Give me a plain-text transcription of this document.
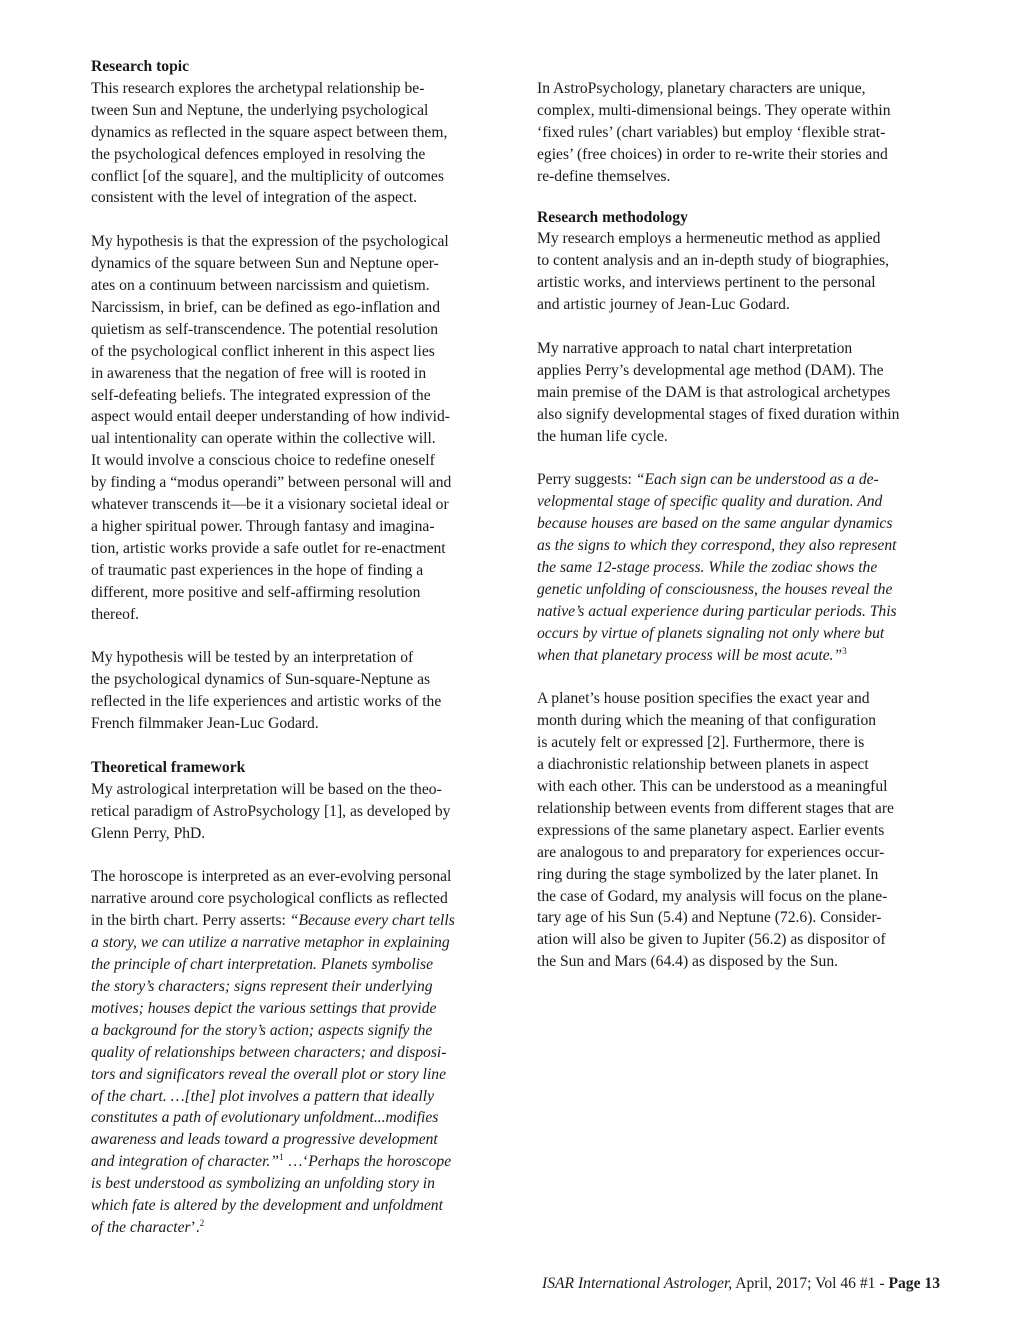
Research topic

This research explores the archetypal relationship be-

tween Sun and Neptune, the underlying psychological

dynamics as reflected in the square aspect between them,

the psychological defences employed in resolving the

conflict [of the square], and the multiplicity of outcomes

consistent with the level of integration of the aspect.

My hypothesis is that the expression of the psychological

dynamics of the square between Sun and Neptune oper-

ates on a continuum between narcissism and quietism.

Narcissism, in brief, can be defined as ego-inflation and

quietism as self-transcendence. The potential resolution

of the psychological conflict inherent in this aspect lies

in awareness that the negation of free will is rooted in

self-defeating beliefs. The integrated expression of the

aspect would entail deeper understanding of how individ-

ual intentionality can operate within the collective will.

It would involve a conscious choice to redefine oneself

by finding a “modus operandi” between personal will and

whatever transcends it—be it a visionary societal ideal or

a higher spiritual power. Through fantasy and imagina-

tion, artistic works provide a safe outlet for re-enactment

of traumatic past experiences in the hope of finding a

different, more positive and self-affirming resolution

thereof.

My hypothesis will be tested by an interpretation of

the psychological dynamics of Sun-square-Neptune as

reflected in the life experiences and artistic works of the

French filmmaker Jean-Luc Godard.

Theoretical framework

My astrological interpretation will be based on the theo-

retical paradigm of AstroPsychology [1], as developed by

Glenn Perry, PhD.

The horoscope is interpreted as an ever-evolving personal

narrative around core psychological conflicts as reflected

in the birth chart. Perry asserts: “Because every chart tells

a story, we can utilize a narrative metaphor in explaining

the principle of chart interpretation. Planets symbolise

the story’s characters; signs represent their underlying

motives; houses depict the various settings that provide

a background for the story’s action; aspects signify the

quality of relationships between characters; and disposi-

tors and significators reveal the overall plot or story line

of the chart. …[the] plot involves a pattern that ideally

constitutes a path of evolutionary unfoldment...modifies

awareness and leads toward a progressive development

and integration of character.”$^1$ …‘Perhaps the horoscope

is best understood as symbolizing an unfolding story in

which fate is altered by the development and unfoldment

of the character’.$^2$

In AstroPsychology, planetary characters are unique,

complex, multi-dimensional beings. They operate within

‘fixed rules’ (chart variables) but employ ‘flexible strat-

egies’ (free choices) in order to re-write their stories and

re-define themselves.

Research methodology

My research employs a hermeneutic method as applied

to content analysis and an in-depth study of biographies,

artistic works, and interviews pertinent to the personal

and artistic journey of Jean-Luc Godard.

My narrative approach to natal chart interpretation

applies Perry’s developmental age method (DAM). The

main premise of the DAM is that astrological archetypes

also signify developmental stages of fixed duration within

the human life cycle.

Perry suggests: “Each sign can be understood as a de-

velopmental stage of specific quality and duration. And

because houses are based on the same angular dynamics

as the signs to which they correspond, they also represent

the same 12-stage process. While the zodiac shows the

genetic unfolding of consciousness, the houses reveal the

native’s actual experience during particular periods. This

occurs by virtue of planets signaling not only where but

when that planetary process will be most acute.”$^3$

A planet’s house position specifies the exact year and

month during which the meaning of that configuration

is acutely felt or expressed [2]. Furthermore, there is

a diachronistic relationship between planets in aspect

with each other. This can be understood as a meaningful

relationship between events from different stages that are

expressions of the same planetary aspect. Earlier events

are analogous to and preparatory for experiences occur-

ring during the stage symbolized by the later planet. In

the case of Godard, my analysis will focus on the plane-

tary age of his Sun (5.4) and Neptune (72.6). Consider-

ation will also be given to Jupiter (56.2) as dispositor of

the Sun and Mars (64.4) as disposed by the Sun.

ISAR International Astrologer, April, 2017; Vol 46 #1 - Page 13
